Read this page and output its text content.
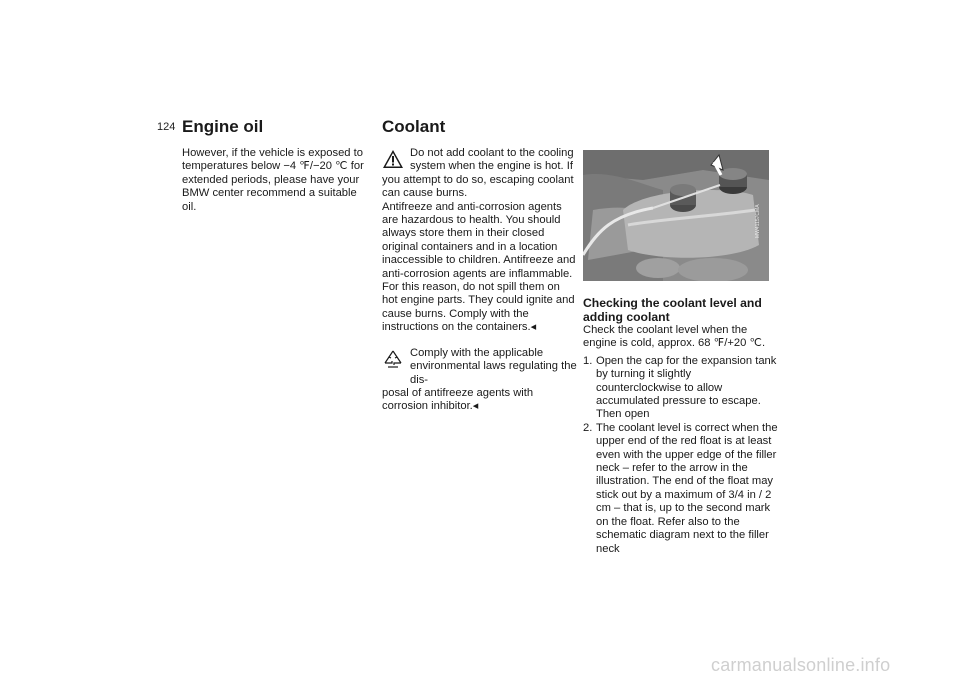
124 Engine oil	Coolant

However, if the vehicle is exposed to temperatures below −4 ℉/−20 ℃ for extended periods, please have your BMW center recommend a suitable oil.

Do not add coolant to the cooling system when the engine is hot. If

you attempt to do so, escaping coolant can cause burns.

Antifreeze and anti-corrosion agents are hazardous to health. You should always store them in their closed original containers and in a location inaccessible to children. Antifreeze and anti-corrosion agents are inflammable. For this reason, do not spill them on hot engine parts. They could ignite and cause burns. Comply with the instructions on the containers.◂

Comply with the applicable environmental laws regulating the dis-

posal of antifreeze agents with corrosion inhibitor.◂

MW41157CMA

Checking the coolant level and adding coolant

Check the coolant level when the engine is cold, approx. 68 ℉/+20 ℃.

1. Open the cap for the expansion tank by turning it slightly counterclockwise to allow accumulated pressure to escape. Then open
2. The coolant level is correct when the upper end of the red float is at least even with the upper edge of the filler neck – refer to the arrow in the illustration. The end of the float may stick out by a maximum of 3/4 in / 2 cm – that is, up to the second mark on the float. Refer also to the schematic diagram next to the filler neck
carmanualsonline.info
